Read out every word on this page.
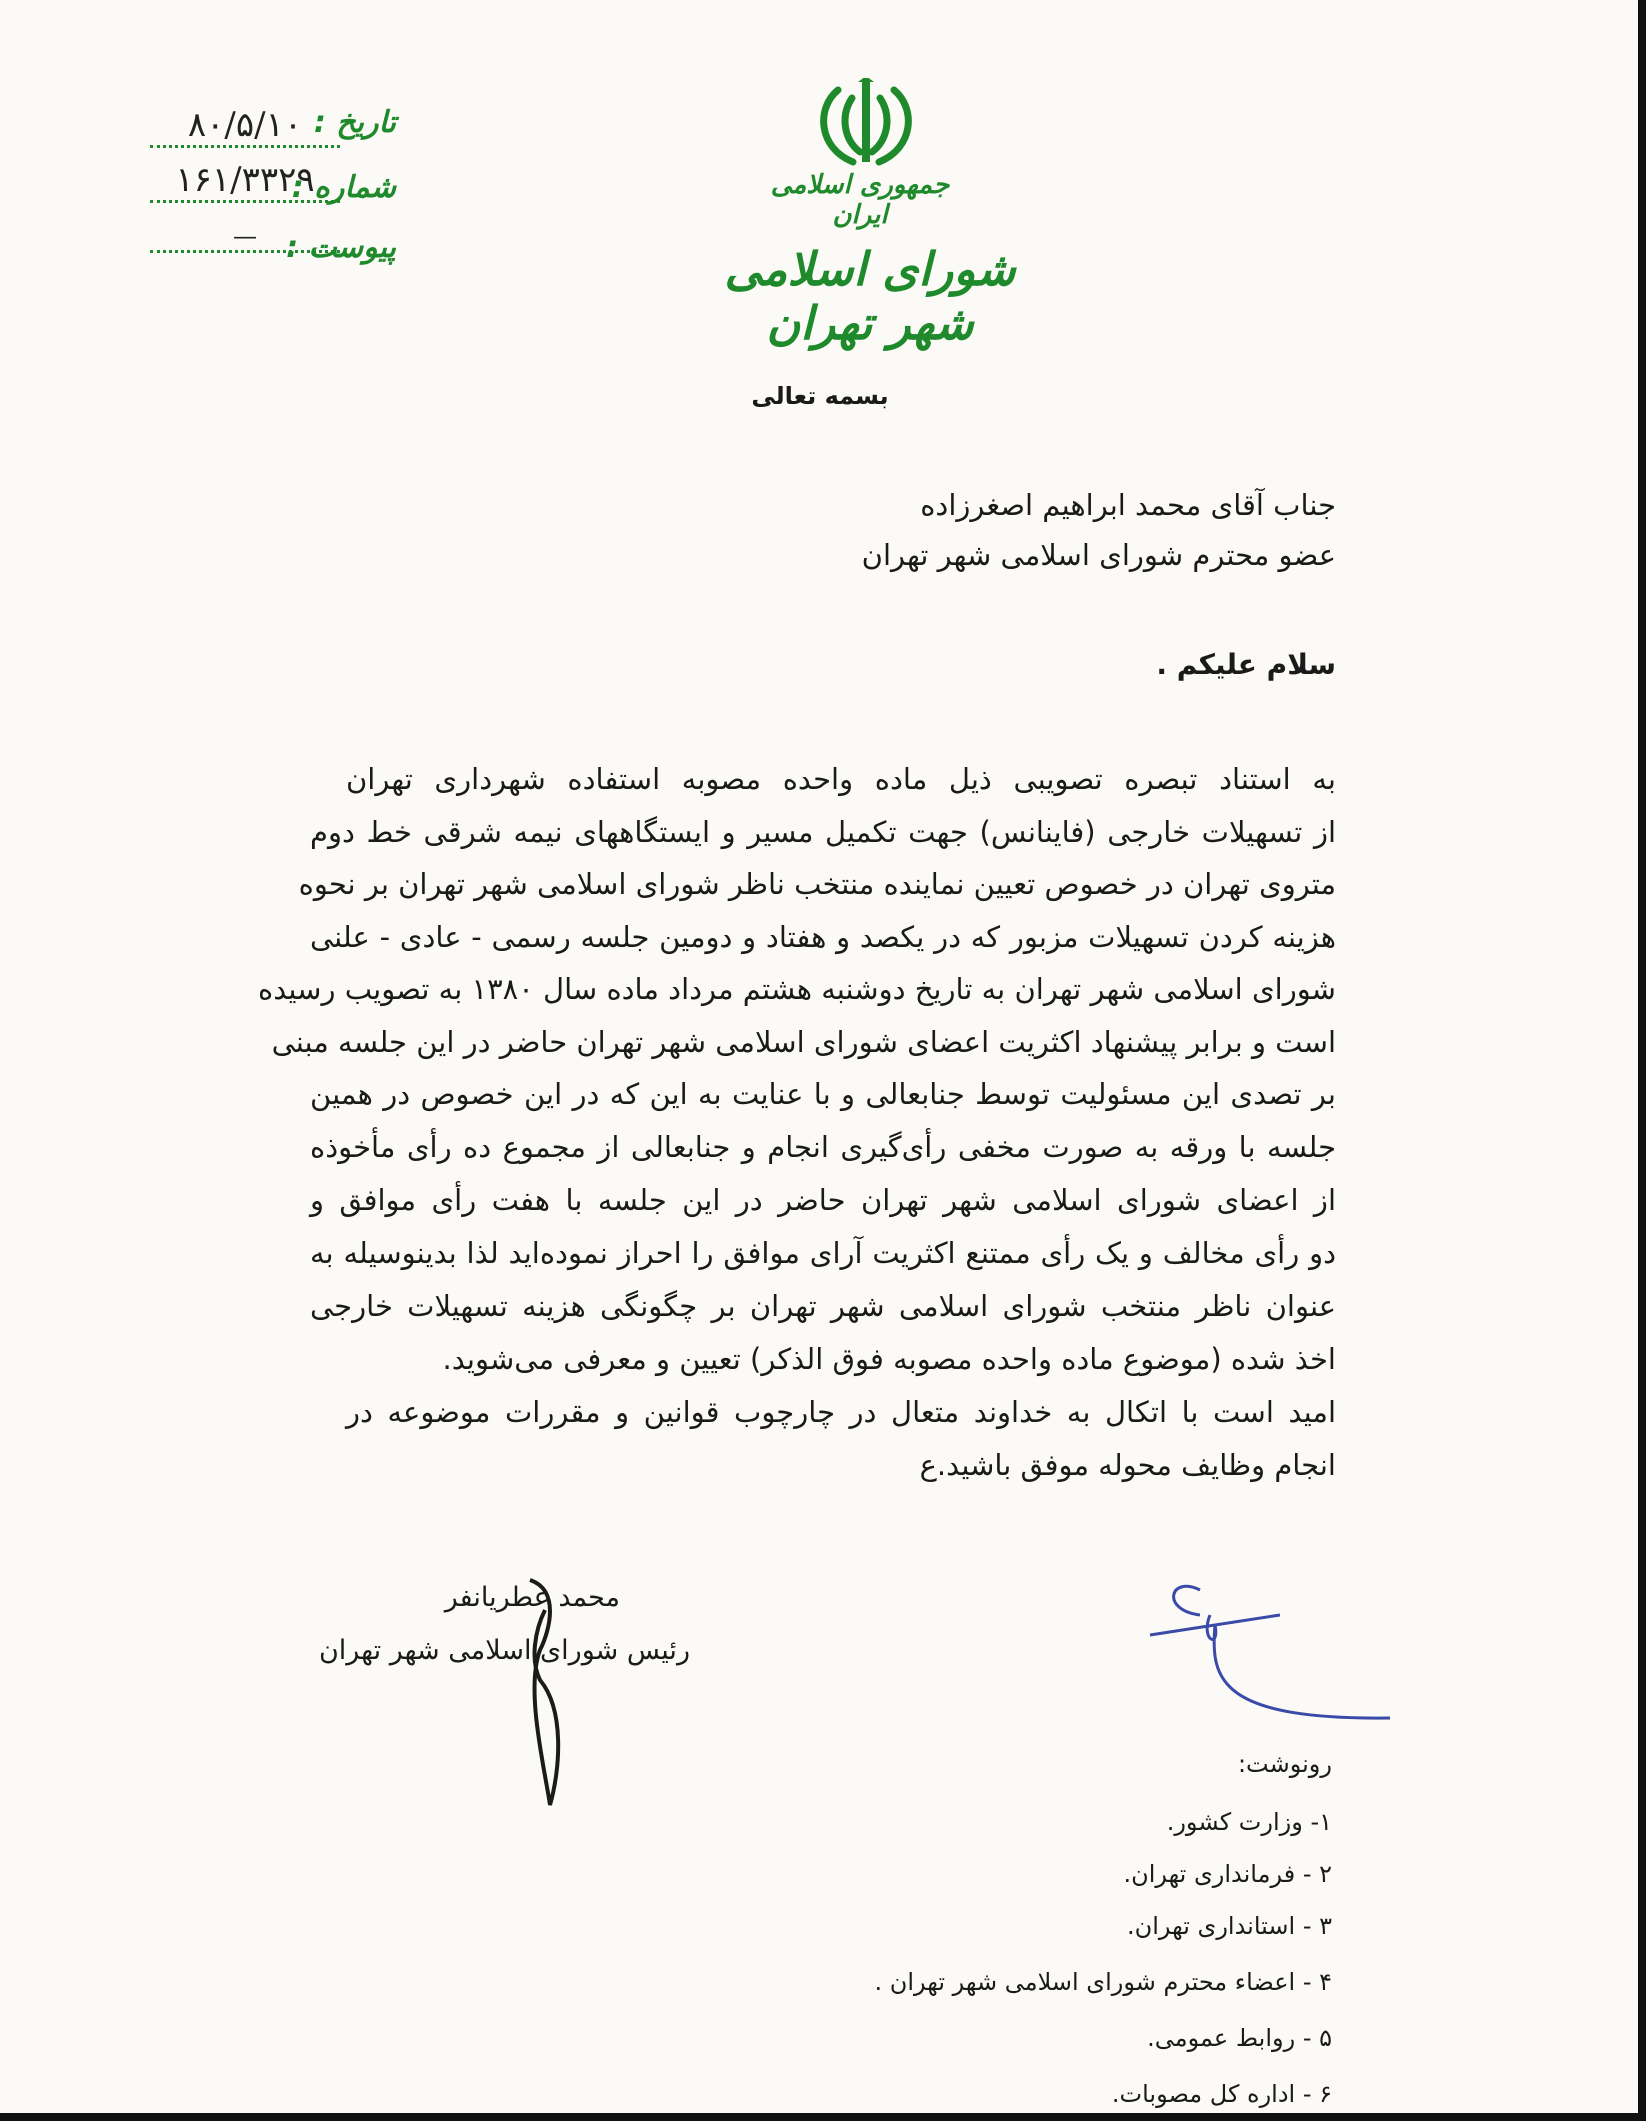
تاریخ :
۸۰/۵/۱۰
شماره :
۱۶۱/۳۳۲۹
پیوست :
—
جمهوری اسلامی ایران
شورای اسلامی شهر تهران
بسمه تعالی
جناب آقای محمد ابراهیم اصغرزاده
عضو محترم شورای اسلامی شهر تهران
سلام علیکم .
به استناد تبصره تصویبی ذیل ماده واحده مصوبه استفاده شهرداری تهران
از تسهیلات خارجی (فاینانس) جهت تکمیل مسیر و ایستگاههای نیمه شرقی خط دوم
متروی تهران در خصوص تعیین نماینده منتخب ناظر شورای اسلامی شهر تهران بر نحوه
هزینه کردن تسهیلات مزبور که در یکصد و هفتاد و دومین جلسه رسمی - عادی - علنی
شورای اسلامی شهر تهران به تاریخ دوشنبه هشتم مرداد ماده سال ۱۳۸۰ به تصویب رسیده
است و برابر پیشنهاد اکثریت اعضای شورای اسلامی شهر تهران حاضر در این جلسه مبنی
بر تصدی این مسئولیت توسط جنابعالی و با عنایت به این که در این خصوص در همین
جلسه با ورقه به صورت مخفی رأی‌گیری انجام و جنابعالی از مجموع ده رأی مأخوذه
از اعضای شورای اسلامی شهر تهران حاضر در این جلسه با هفت رأی موافق و
دو رأی مخالف و یک رأی ممتنع اکثریت آرای موافق را احراز نموده‌اید لذا بدینوسیله به
عنوان ناظر منتخب شورای اسلامی شهر تهران بر چگونگی هزینه تسهیلات خارجی
اخذ شده (موضوع ماده واحده مصوبه فوق الذکر) تعیین و معرفی می‌شوید.
امید است با اتکال به خداوند متعال در چارچوب قوانین و مقررات موضوعه در
انجام وظایف محوله موفق باشید.ع
محمد عطریانفر
رئیس شورای اسلامی شهر تهران
رونوشت:
۱- وزارت کشور.
۲ - فرمانداری تهران.
۳ - استانداری تهران.
۴ - اعضاء محترم شورای اسلامی شهر تهران .
۵ - روابط عمومی.
۶ - اداره کل مصوبات.
